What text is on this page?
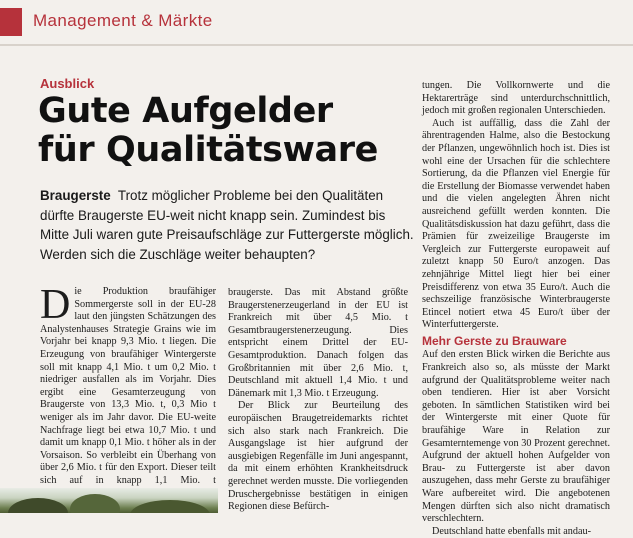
Management & Märkte
Ausblick
Gute Aufgelder
für Qualitätsware
Braugerste Trotz möglicher Probleme bei den Qualitäten dürfte Braugerste EU-weit nicht knapp sein. Zumindest bis Mitte Juli waren gute Preisaufschläge zur Futtergerste möglich. Werden sich die Zuschläge weiter behaupten?

Die Produktion braufähiger Sommergerste soll in der EU-28 laut den jüngsten Schätzungen des Analystenhauses Strategie Grains wie im Vorjahr bei knapp 9,3 Mio. t liegen. Die Erzeugung von braufähiger Wintergerste soll mit knapp 4,1 Mio. t um 0,2 Mio. t niedriger ausfallen als im Vorjahr. Dies ergibt eine Gesamterzeugung von Braugerste von 13,3 Mio. t, 0,3 Mio t weniger als im Jahr davor. Die EU-weite Nachfrage liegt bei etwa 10,7 Mio. t und damit um knapp 0,1 Mio. t höher als in der Vorsaison. So verbleibt ein Überhang von über 2,6 Mio. t für den Export. Dieser teilt sich auf in knapp 1,1 Mio. t

braugerste. Das mit Abstand größte Braugerstenerzeugerland in der EU ist Frankreich mit über 4,5 Mio. t Gesamtbraugerstenerzeugung. Dies entspricht einem Drittel der EU-Gesamtproduktion. Danach folgen das Großbritannien mit über 2,6 Mio. t, Deutschland mit aktuell 1,4 Mio. t und Dänemark mit 1,3 Mio. t Erzeugung.

Der Blick zur Beurteilung des europäischen Braugetreidemarkts richtet sich also stark nach Frankreich. Die Ausgangslage ist hier aufgrund der ausgiebigen Regenfälle im Juni angespannt, da mit einem erhöhten Krankheitsdruck gerechnet werden musste. Die vorliegenden Druschergebnisse bestätigen in einigen Regionen diese Befürch-

tungen. Die Vollkornwerte und die Hektarerträge sind unterdurchschnittlich, jedoch mit großen regionalen Unterschieden.

Auch ist auffällig, dass die Zahl der ährentragenden Halme, also die Bestockung der Pflanzen, ungewöhnlich hoch ist. Dies ist wohl eine der Ursachen für die schlechtere Sortierung, da die Pflanzen viel Energie für die Erstellung der Biomasse verwendet haben und die vielen angelegten Ähren nicht ausreichend gefüllt werden konnten. Die Qualitätsdiskussion hat dazu geführt, dass die Prämien für zweizeilige Braugerste im Vergleich zur Futtergerste europaweit auf zuletzt knapp 50 Euro/t anzogen. Das zehnjährige Mittel liegt hier bei einer Preisdifferenz von etwa 35 Euro/t. Auch die sechszeilige französische Winterbraugerste Etincel notiert etwa 45 Euro/t über der Winterfuttergerste.

Mehr Gerste zu Brauware

Auf den ersten Blick wirken die Berichte aus Frankreich also so, als müsste der Markt aufgrund der Qualitätsprobleme weiter nach oben tendieren. Hier ist aber Vorsicht geboten. In sämtlichen Statistiken wird bei der Wintergerste mit einer Quote für braufähige Ware in Relation zur Gesamterntemenge von 30 Prozent gerechnet. Aufgrund der aktuell hohen Aufgelder von Brau- zu Futtergerste ist aber davon auszugehen, dass mehr Gerste zu braufähiger Ware aufbereitet wird. Die angebotenen Mengen dürften sich also nicht dramatisch verschlechtern.

Deutschland hatte ebenfalls mit andau-
